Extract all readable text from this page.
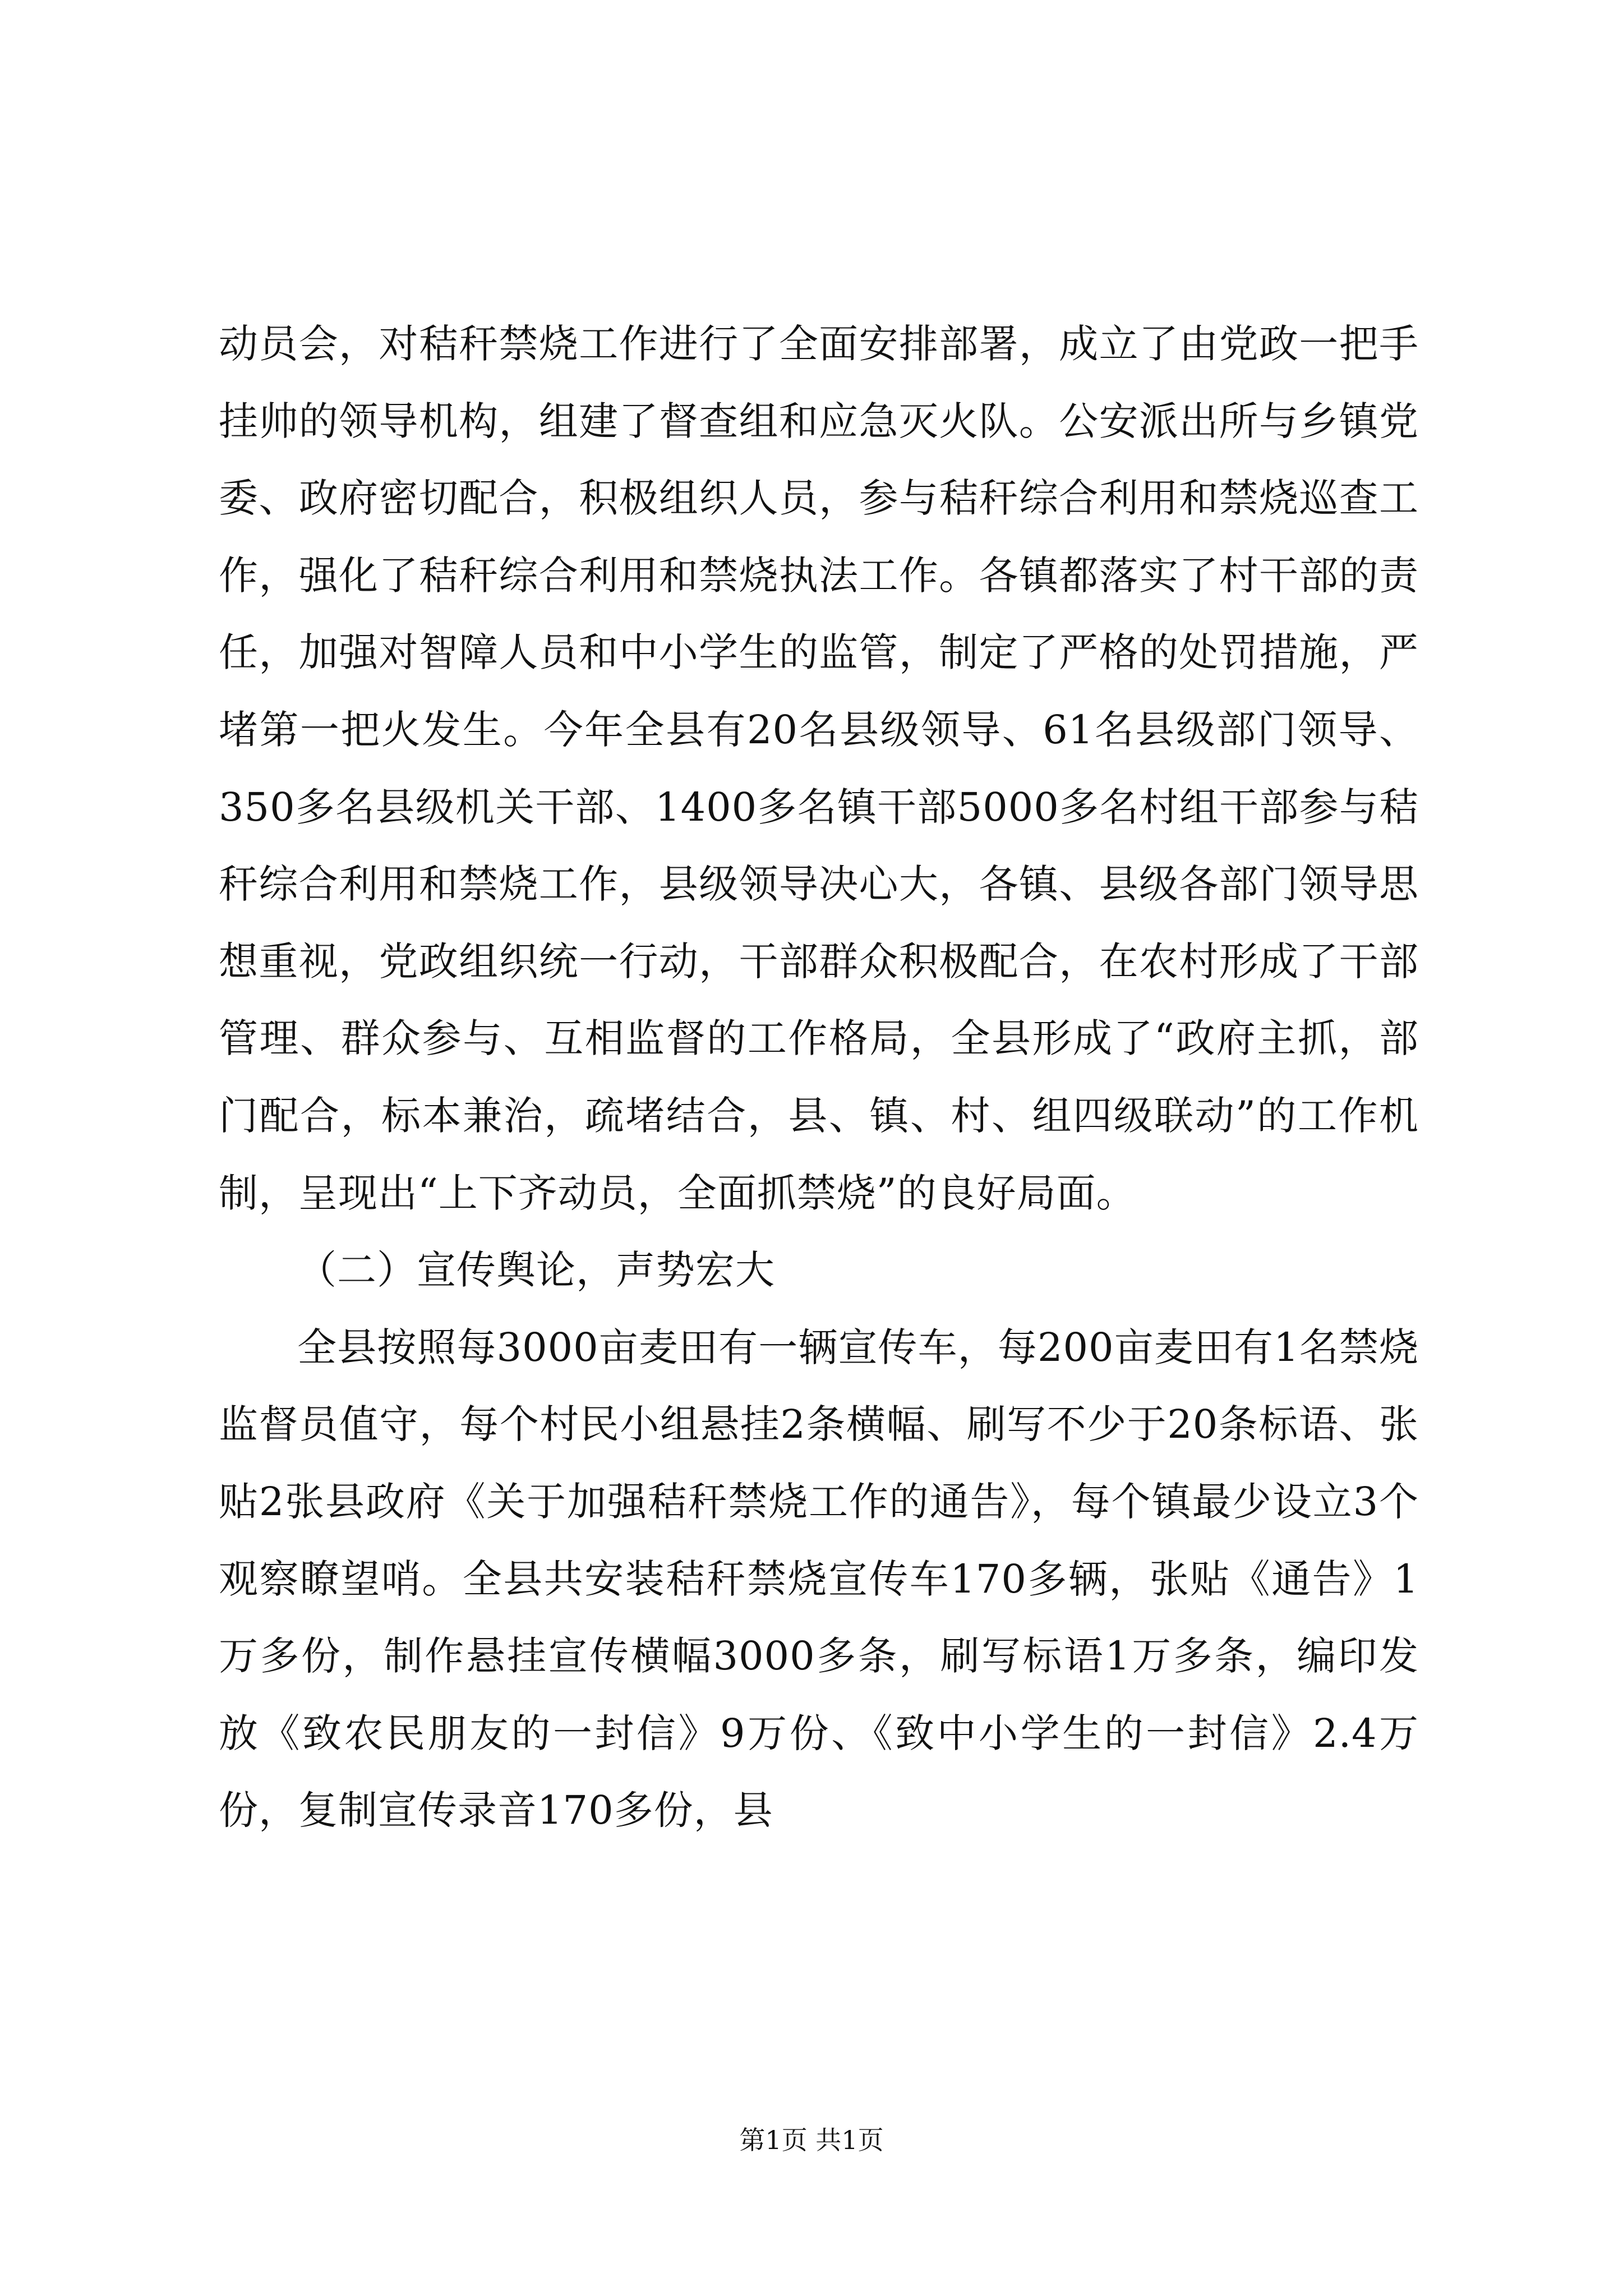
动员会，对秸秆禁烧工作进行了全面安排部署，成立了由党政一把手挂帅的领导机构，组建了督查组和应急灭火队。公安派出所与乡镇党委、政府密切配合，积极组织人员，参与秸秆综合利用和禁烧巡查工作，强化了秸秆综合利用和禁烧执法工作。各镇都落实了村干部的责任，加强对智障人员和中小学生的监管，制定了严格的处罚措施，严堵第一把火发生。今年全县有20名县级领导、61名县级部门领导、350多名县级机关干部、1400多名镇干部5000多名村组干部参与秸秆综合利用和禁烧工作，县级领导决心大，各镇、县级各部门领导思想重视，党政组织统一行动，干部群众积极配合，在农村形成了干部管理、群众参与、互相监督的工作格局，全县形成了“政府主抓，部门配合，标本兼治，疏堵结合，县、镇、村、组四级联动”的工作机制，呈现出“上下齐动员，全面抓禁烧”的良好局面。

（二）宣传舆论，声势宏大

全县按照每3000亩麦田有一辆宣传车，每200亩麦田有1名禁烧监督员值守，每个村民小组悬挂2条横幅、刷写不少于20条标语、张贴2张县政府《关于加强秸秆禁烧工作的通告》，每个镇最少设立3个观察瞭望哨。全县共安装秸秆禁烧宣传车170多辆，张贴《通告》1万多份，制作悬挂宣传横幅3000多条，刷写标语1万多条，编印发放《致农民朋友的一封信》9万份、《致中小学生的一封信》2.4万份，复制宣传录音170多份，县

第1页 共1页
